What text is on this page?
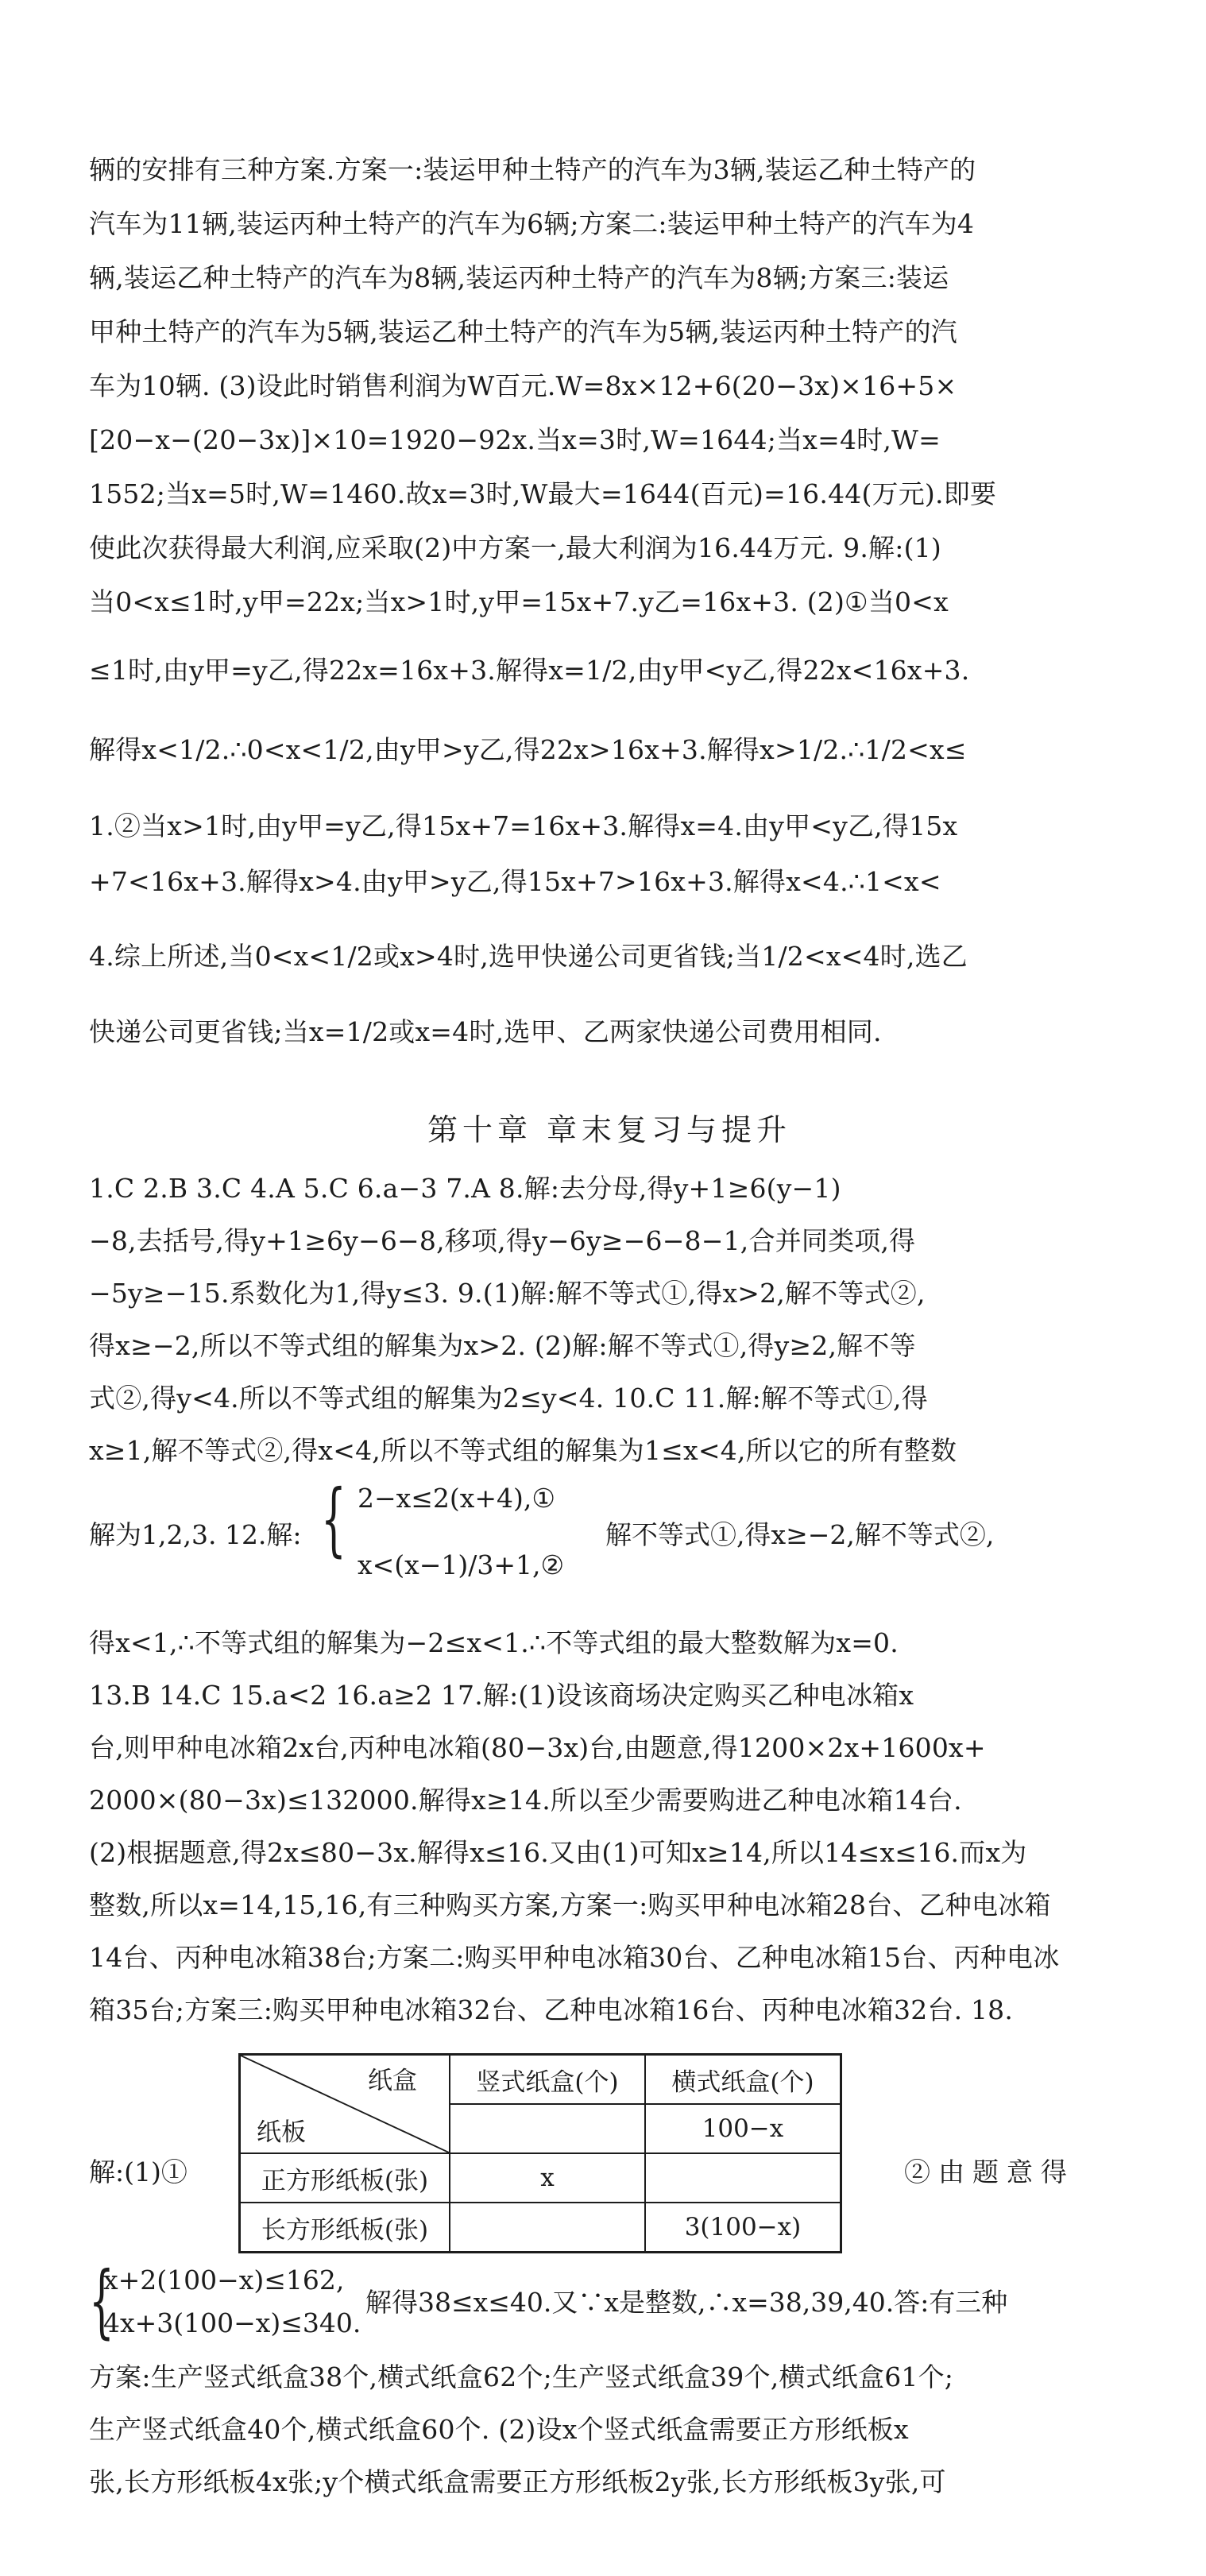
辆的安排有三种方案.方案一:装运甲种土特产的汽车为3辆,装运乙种土特产的
汽车为11辆,装运丙种土特产的汽车为6辆;方案二:装运甲种土特产的汽车为4
辆,装运乙种土特产的汽车为8辆,装运丙种土特产的汽车为8辆;方案三:装运
甲种土特产的汽车为5辆,装运乙种土特产的汽车为5辆,装运丙种土特产的汽
车为10辆. (3)设此时销售利润为W百元.W=8x×12+6(20−3x)×16+5×
[20−x−(20−3x)]×10=1920−92x.当x=3时,W=1644;当x=4时,W=
1552;当x=5时,W=1460.故x=3时,W最大=1644(百元)=16.44(万元).即要
使此次获得最大利润,应采取(2)中方案一,最大利润为16.44万元. 9.解:(1)
当0<x≤1时,y甲=22x;当x>1时,y甲=15x+7.y乙=16x+3. (2)①当0<x
≤1时,由y甲=y乙,得22x=16x+3.解得x=1/2,由y甲<y乙,得22x<16x+3.
解得x<1/2.∴0<x<1/2,由y甲>y乙,得22x>16x+3.解得x>1/2.∴1/2<x≤
1.②当x>1时,由y甲=y乙,得15x+7=16x+3.解得x=4.由y甲<y乙,得15x
+7<16x+3.解得x>4.由y甲>y乙,得15x+7>16x+3.解得x<4.∴1<x<
4.综上所述,当0<x<1/2或x>4时,选甲快递公司更省钱;当1/2<x<4时,选乙
快递公司更省钱;当x=1/2或x=4时,选甲、乙两家快递公司费用相同.
第十章 章末复习与提升
1.C 2.B 3.C 4.A 5.C 6.a−3 7.A 8.解:去分母,得y+1≥6(y−1)
−8,去括号,得y+1≥6y−6−8,移项,得y−6y≥−6−8−1,合并同类项,得
−5y≥−15.系数化为1,得y≤3. 9.(1)解:解不等式①,得x>2,解不等式②,
得x≥−2,所以不等式组的解集为x>2. (2)解:解不等式①,得y≥2,解不等
式②,得y<4.所以不等式组的解集为2≤y<4. 10.C 11.解:解不等式①,得
x≥1,解不等式②,得x<4,所以不等式组的解集为1≤x<4,所以它的所有整数
解为1,2,3. 12.解: { 2−x≤2(x+4),①
x<(x−1)/3+1,②
解不等式①,得x≥−2,解不等式②,
得x<1,∴不等式组的解集为−2≤x<1.∴不等式组的最大整数解为x=0.
13.B 14.C 15.a<2 16.a≥2 17.解:(1)设该商场决定购买乙种电冰箱x
台,则甲种电冰箱2x台,丙种电冰箱(80−3x)台,由题意,得1200×2x+1600x+
2000×(80−3x)≤132000.解得x≥14.所以至少需要购进乙种电冰箱14台.
(2)根据题意,得2x≤80−3x.解得x≤16.又由(1)可知x≥14,所以14≤x≤16.而x为
整数,所以x=14,15,16,有三种购买方案,方案一:购买甲种电冰箱28台、乙种电冰箱
14台、丙种电冰箱38台;方案二:购买甲种电冰箱30台、乙种电冰箱15台、丙种电冰
箱35台;方案三:购买甲种电冰箱32台、乙种电冰箱16台、丙种电冰箱32台. 18.
解:(1)①
纸盒
纸板	竖式纸盒(个)	横式纸盒(个)
		100−x
正方形纸板(张)	x	
长方形纸板(张)		3(100−x)
②由题意得
{
x+2(100−x)≤162,
4x+3(100−x)≤340.
解得38≤x≤40.又∵x是整数,∴x=38,39,40.答:有三种
方案:生产竖式纸盒38个,横式纸盒62个;生产竖式纸盒39个,横式纸盒61个;
生产竖式纸盒40个,横式纸盒60个. (2)设x个竖式纸盒需要正方形纸板x
张,长方形纸板4x张;y个横式纸盒需要正方形纸板2y张,长方形纸板3y张,可
